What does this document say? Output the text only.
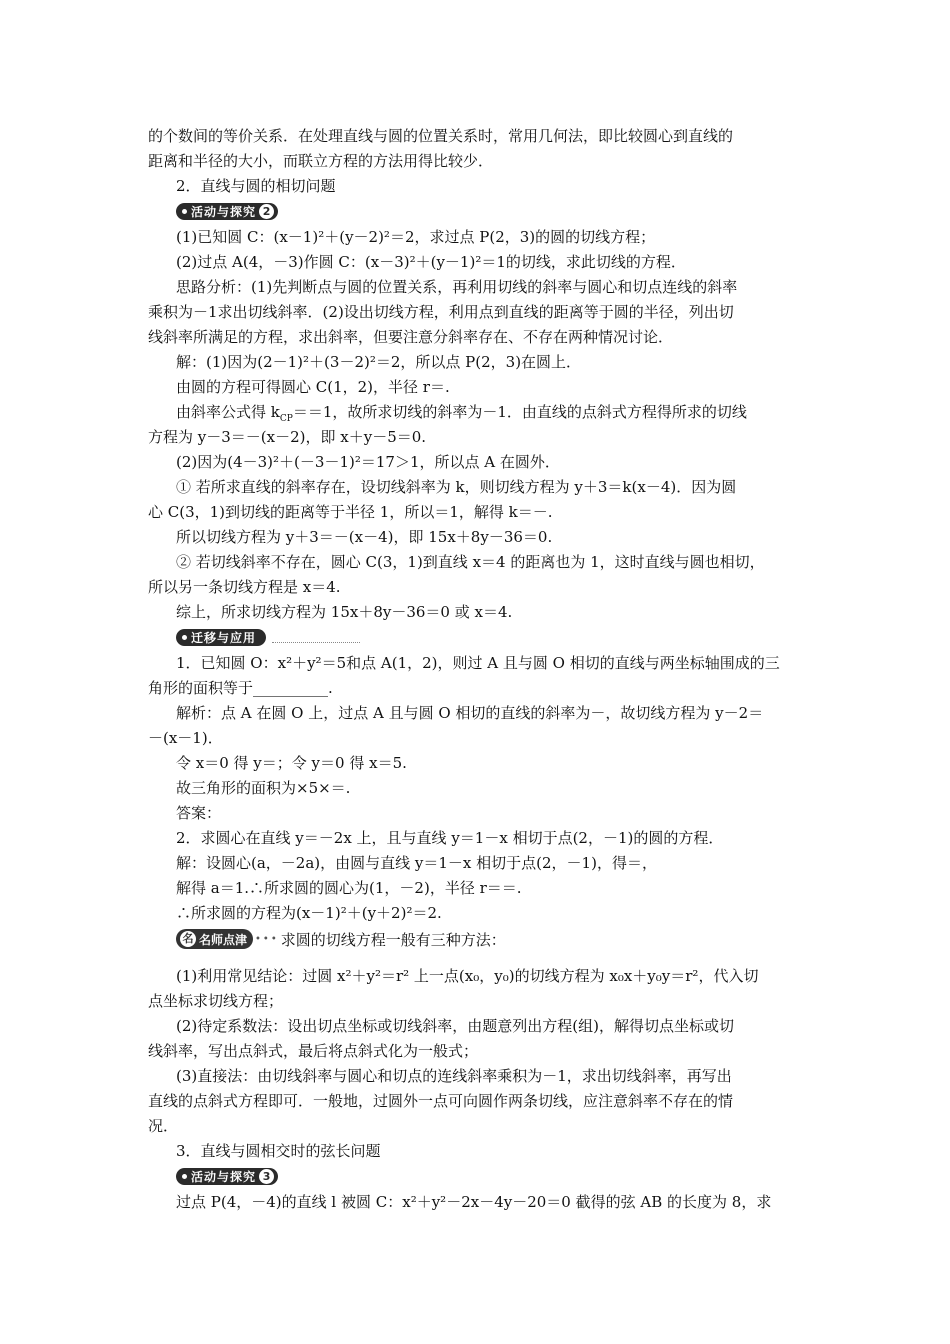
的个数间的等价关系．在处理直线与圆的位置关系时，常用几何法，即比较圆心到直线的
距离和半径的大小，而联立方程的方法用得比较少．
2．直线与圆的相切问题
活动与探究 2
(1)已知圆 C：(x－1)²＋(y－2)²＝2，求过点 P(2，3)的圆的切线方程；
(2)过点 A(4，－3)作圆 C：(x－3)²＋(y－1)²＝1的切线，求此切线的方程．
思路分析：(1)先判断点与圆的位置关系，再利用切线的斜率与圆心和切点连线的斜率
乘积为－1求出切线斜率．(2)设出切线方程，利用点到直线的距离等于圆的半径，列出切
线斜率所满足的方程，求出斜率，但要注意分斜率存在、不存在两种情况讨论．
解：(1)因为(2－1)²＋(3－2)²＝2，所以点 P(2，3)在圆上．
由圆的方程可得圆心 C(1，2)，半径 r＝.
由斜率公式得 $k_{CP}==1$，故所求切线的斜率为－1．由直线的点斜式方程得所求的切线
方程为 y－3＝－(x－2)，即 x＋y－5＝0.
(2)因为(4－3)²＋(－3－1)²＝17＞1，所以点 A 在圆外．
① 若所求直线的斜率存在，设切线斜率为 k，则切线方程为 y＋3＝k(x－4)．因为圆
心 C(3，1)到切线的距离等于半径 1，所以＝1，解得 k＝－.
所以切线方程为 y＋3＝－(x－4)，即 15x＋8y－36＝0.
② 若切线斜率不存在，圆心 C(3，1)到直线 x＝4 的距离也为 1，这时直线与圆也相切，
所以另一条切线方程是 x＝4.
综上，所求切线方程为 15x＋8y－36＝0 或 x＝4.
迁移与应用
1．已知圆 O：x²＋y²＝5和点 A(1，2)，则过 A 且与圆 O 相切的直线与两坐标轴围成的三
角形的面积等于__________.
解析：点 A 在圆 O 上，过点 A 且与圆 O 相切的直线的斜率为－，故切线方程为 y－2＝
－(x－1)．
令 x＝0 得 y＝；令 y＝0 得 x＝5.
故三角形的面积为×5×＝.
答案：
2．求圆心在直线 y＝－2x 上，且与直线 y＝1－x 相切于点(2，－1)的圆的方程．
解：设圆心(a，－2a)，由圆与直线 y＝1－x 相切于点(2，－1)，得＝，
解得 a＝1.∴所求圆的圆心为(1，－2)，半径 r＝＝.
∴所求圆的方程为(x－1)²＋(y＋2)²＝2.
名 名师点津 ••• 求圆的切线方程一般有三种方法：
(1)利用常见结论：过圆 x²＋y²＝r² 上一点(x₀，y₀)的切线方程为 x₀x＋y₀y＝r²，代入切
点坐标求切线方程；
(2)待定系数法：设出切点坐标或切线斜率，由题意列出方程(组)，解得切点坐标或切
线斜率，写出点斜式，最后将点斜式化为一般式；
(3)直接法：由切线斜率与圆心和切点的连线斜率乘积为－1，求出切线斜率，再写出
直线的点斜式方程即可．一般地，过圆外一点可向圆作两条切线，应注意斜率不存在的情
况．
3．直线与圆相交时的弦长问题
活动与探究 3
过点 P(4，－4)的直线 l 被圆 C：x²＋y²－2x－4y－20＝0 截得的弦 AB 的长度为 8，求
